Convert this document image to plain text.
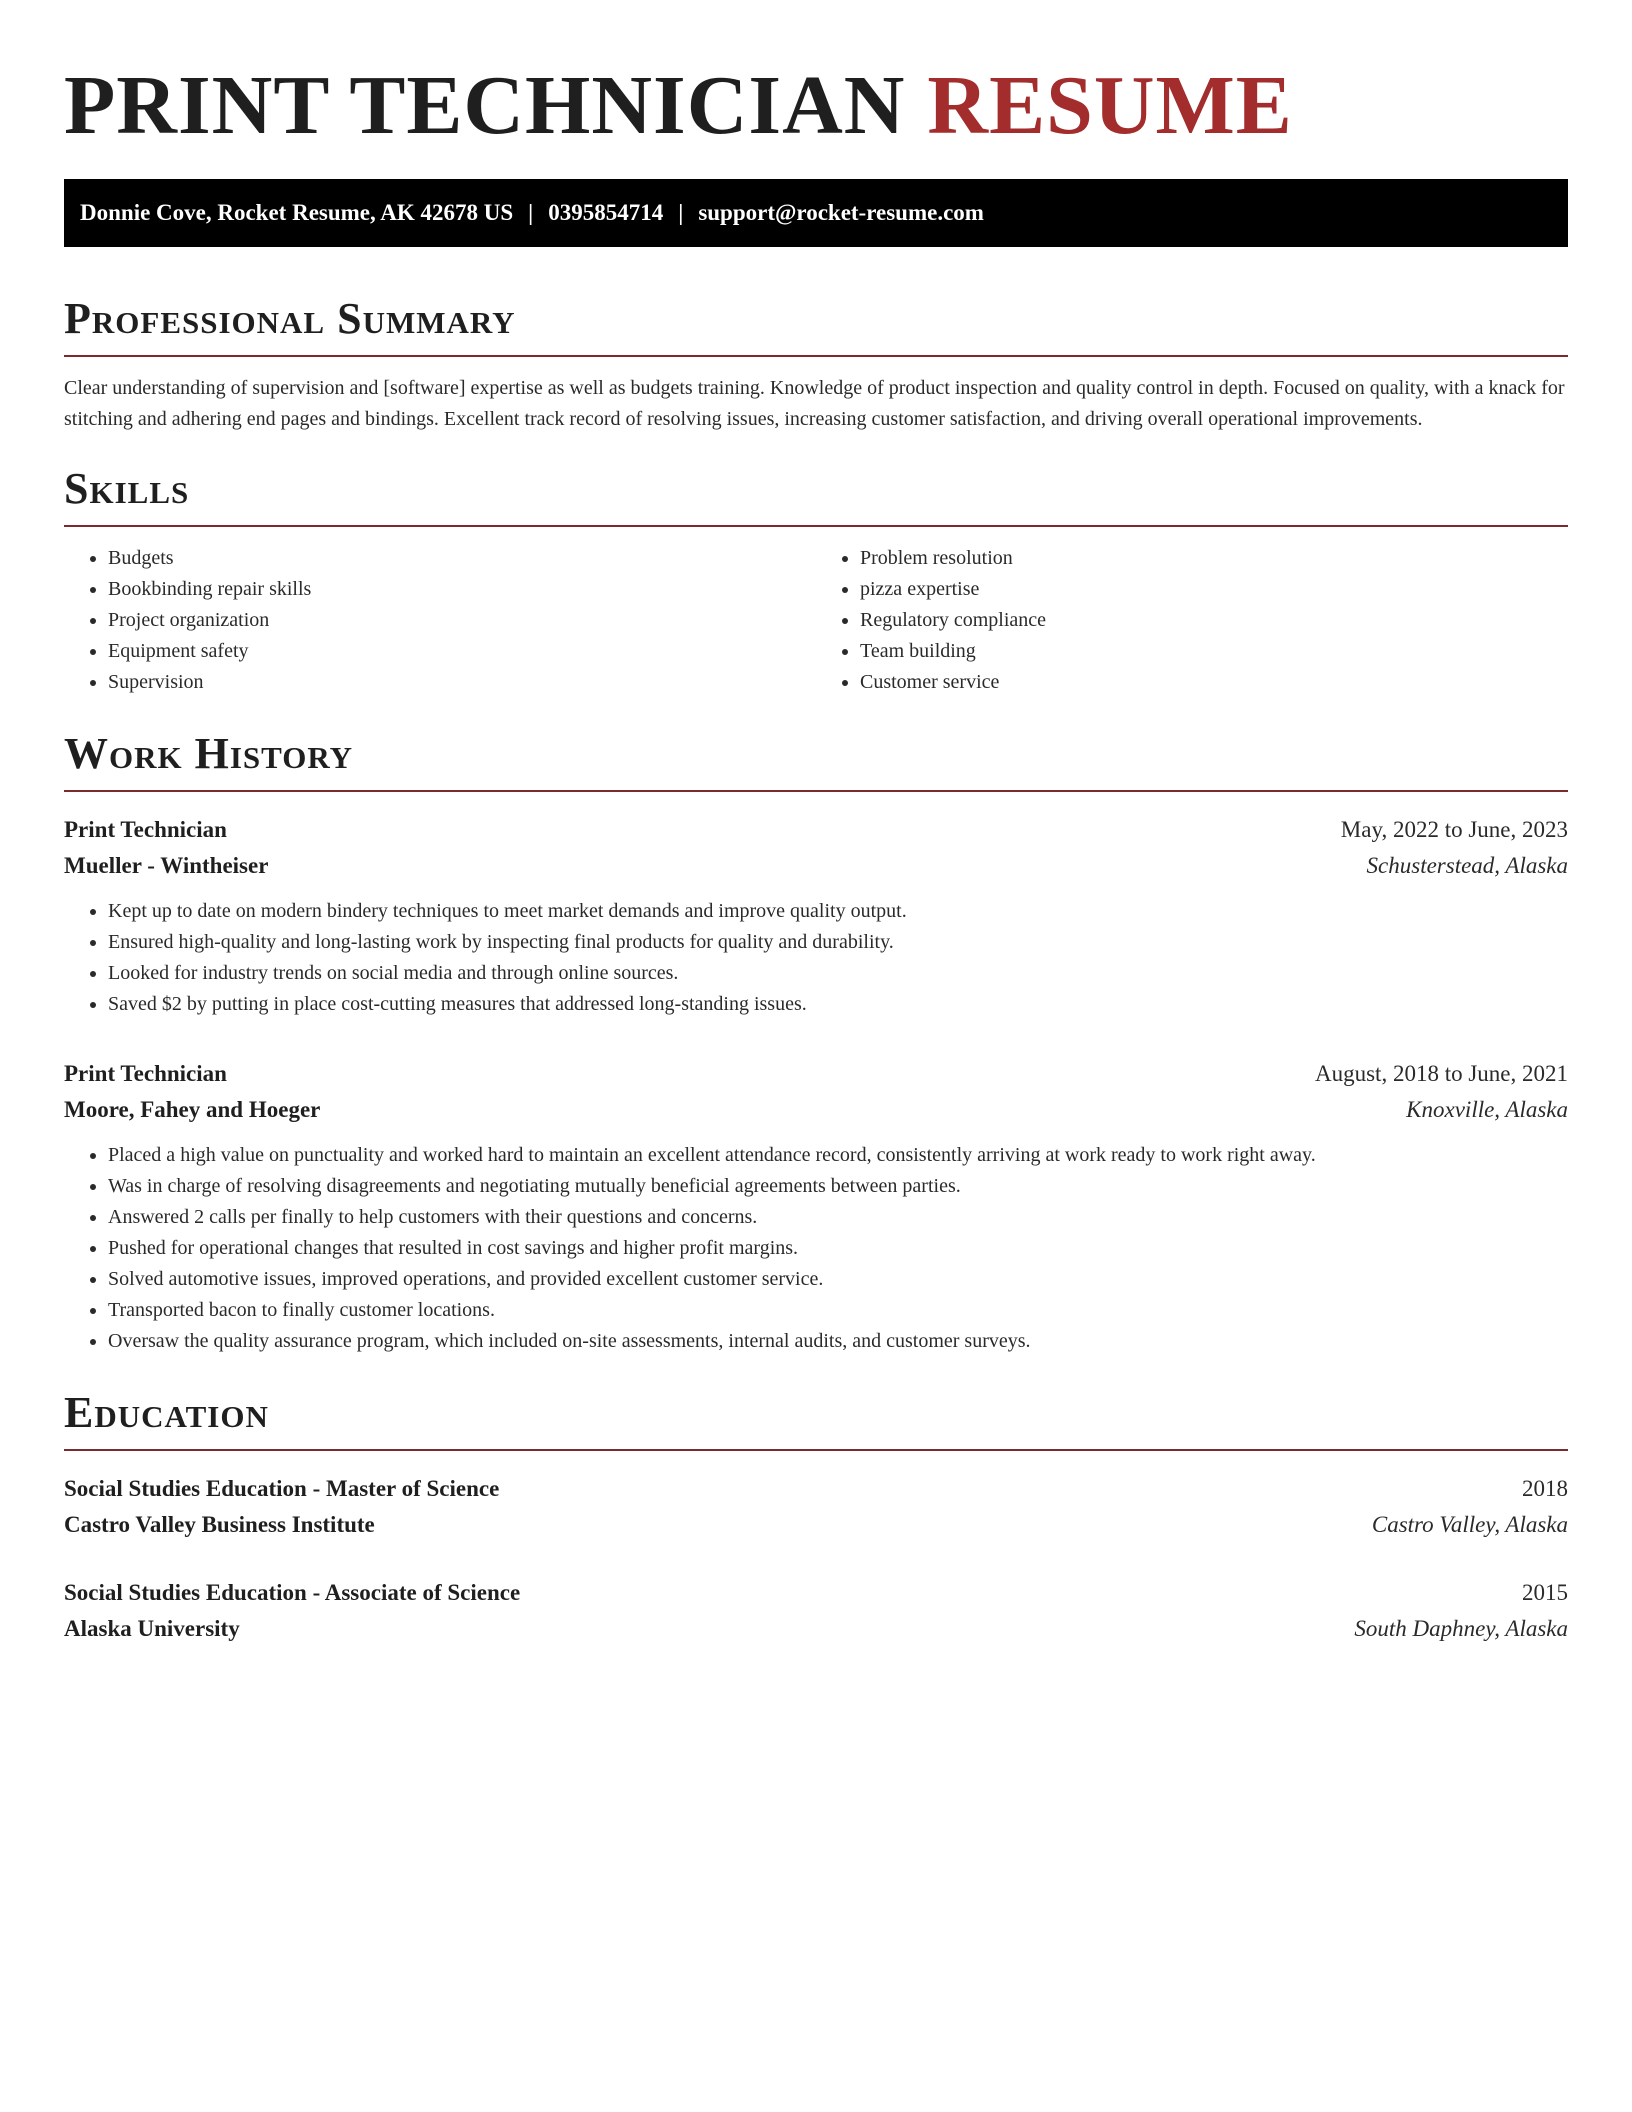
PRINT TECHNICIAN RESUME
Donnie Cove, Rocket Resume, AK 42678 US | 0395854714 | support@rocket-resume.com
Professional Summary

Clear understanding of supervision and [software] expertise as well as budgets training. Knowledge of product inspection and quality control in depth. Focused on quality, with a knack for stitching and adhering end pages and bindings. Excellent track record of resolving issues, increasing customer satisfaction, and driving overall operational improvements.

Skills
• Budgets
• Bookbinding repair skills
• Project organization
• Equipment safety
• Supervision
• Problem resolution
• pizza expertise
• Regulatory compliance
• Team building
• Customer service
Work History
Print Technician	May, 2022 to June, 2023
Mueller - Wintheiser	Schusterstead, Alaska
• Kept up to date on modern bindery techniques to meet market demands and improve quality output.
• Ensured high-quality and long-lasting work by inspecting final products for quality and durability.
• Looked for industry trends on social media and through online sources.
• Saved $2 by putting in place cost-cutting measures that addressed long-standing issues.
Print Technician	August, 2018 to June, 2021
Moore, Fahey and Hoeger	Knoxville, Alaska
• Placed a high value on punctuality and worked hard to maintain an excellent attendance record, consistently arriving at work ready to work right away.
• Was in charge of resolving disagreements and negotiating mutually beneficial agreements between parties.
• Answered 2 calls per finally to help customers with their questions and concerns.
• Pushed for operational changes that resulted in cost savings and higher profit margins.
• Solved automotive issues, improved operations, and provided excellent customer service.
• Transported bacon to finally customer locations.
• Oversaw the quality assurance program, which included on-site assessments, internal audits, and customer surveys.
Education
Social Studies Education - Master of Science	2018
Castro Valley Business Institute	Castro Valley, Alaska
Social Studies Education - Associate of Science	2015
Alaska University	South Daphney, Alaska
